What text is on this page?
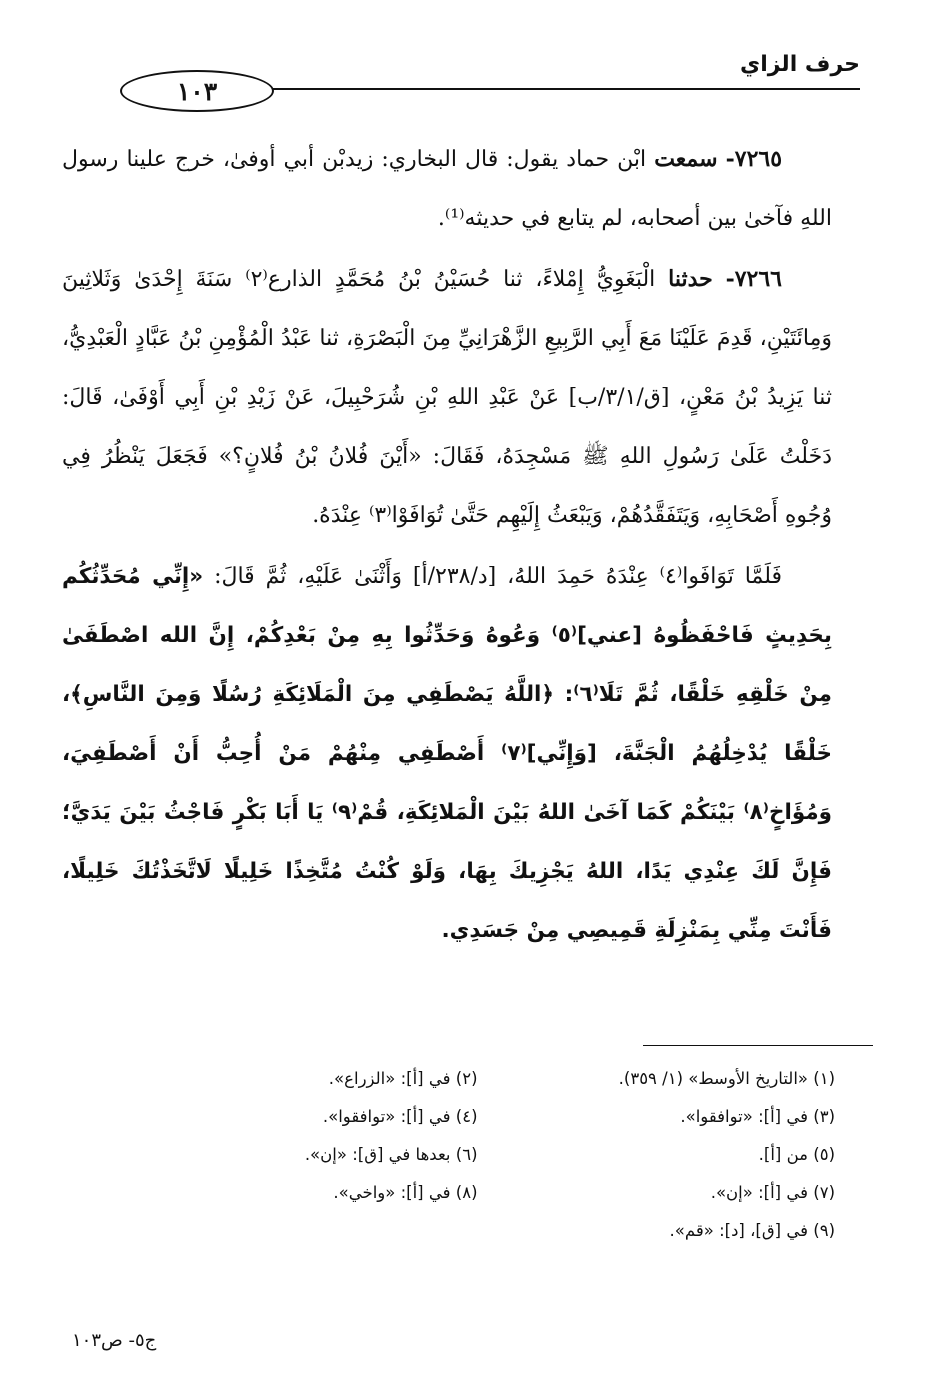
حرف الزاي
١٠٣

٧٢٦٥- سمعت ابْن حماد يقول: قال البخاري: زيدبْن أبي أوفىٰ، خرج علينا رسول اللهِ فآخىٰ بين أصحابه، لم يتابع في حديثه⁽¹⁾.

٧٢٦٦- حدثنا الْبَغَوِيُّ إِمْلاءً، ثنا حُسَيْنُ بْنُ مُحَمَّدٍ الذارع⁽٢⁾ سَنَةَ إِحْدَىٰ وَثَلاثِينَ وَمِائَتَيْنِ، قَدِمَ عَلَيْنَا مَعَ أَبِي الرَّبِيعِ الزَّهْرَانِيِّ مِنَ الْبَصْرَةِ، ثنا عَبْدُ الْمُؤْمِنِ بْنُ عَبَّادٍ الْعَبْدِيُّ، ثنا يَزِيدُ بْنُ مَعْنٍ، [ق/٣/١/ب] عَنْ عَبْدِ اللهِ بْنِ شُرَحْبِيلَ، عَنْ زَيْدِ بْنِ أَبِي أَوْفَىٰ، قَالَ: دَخَلْتُ عَلَىٰ رَسُولِ اللهِ ﷺ مَسْجِدَهُ، فَقَالَ: «أَيْنَ فُلانُ بْنُ فُلانٍ؟» فَجَعَلَ يَنْظُرُ فِي وُجُوهِ أَصْحَابِهِ، وَيَتَفَقَّدُهُمْ، وَيَبْعَثُ إِلَيْهِم حَتَّىٰ تُوَافَوْا⁽٣⁾ عِنْدَهُ.

فَلَمَّا تَوَافَوا⁽٤⁾ عِنْدَهُ حَمِدَ اللهُ، [د/٢٣٨/أ] وَأَثْنَىٰ عَلَيْهِ، ثُمَّ قَالَ: «إِنِّي مُحَدِّثُكُم بِحَدِيثٍ فَاحْفَظُوهُ [عني]⁽٥⁾ وَعُوهُ وَحَدِّثُوا بِهِ مِنْ بَعْدِكُمْ، إِنَّ الله اصْطَفَىٰ مِنْ خَلْقِهِ خَلْقًا، ثُمَّ تَلَا⁽٦⁾: ﴿اللَّهُ يَصْطَفِي مِنَ الْمَلَائِكَةِ رُسُلًا وَمِنَ النَّاسِ﴾، خَلْقًا يُدْخِلُهُمُ الْجَنَّةَ، [وَإِنِّي]⁽٧⁾ أَصْطَفِي مِنْهُمْ مَنْ أُحِبُّ أَنْ أَصْطَفِيَ، وَمُؤَاخٍ⁽٨⁾ بَيْنَكُمْ كَمَا آخَىٰ اللهُ بَيْنَ الْمَلائِكَةِ، قُمْ⁽٩⁾ يَا أَبَا بَكْرٍ فَاجْثُ بَيْنَ يَدَيَّ؛ فَإِنَّ لَكَ عِنْدِي يَدًا، اللهُ يَجْزِيكَ بِهَا، وَلَوْ كُنْتُ مُتَّخِذًا خَلِيلًا لَاتَّخَذْتُكَ خَلِيلًا، فَأَنْتَ مِنِّي بِمَنْزِلَةِ قَمِيصِي مِنْ جَسَدِي.

(١) «التاريخ الأوسط» (١/ ٣٥٩).
(٢) في [أ]: «الزراع».
(٣) في [أ]: «توافقوا».
(٤) في [أ]: «توافقوا».
(٥) من [أ].
(٦) بعدها في [ق]: «إن».
(٧) في [أ]: «إن».
(٨) في [أ]: «واخي».
(٩) في [ق]، [د]: «قم».
ج٥- ص١٠٣
